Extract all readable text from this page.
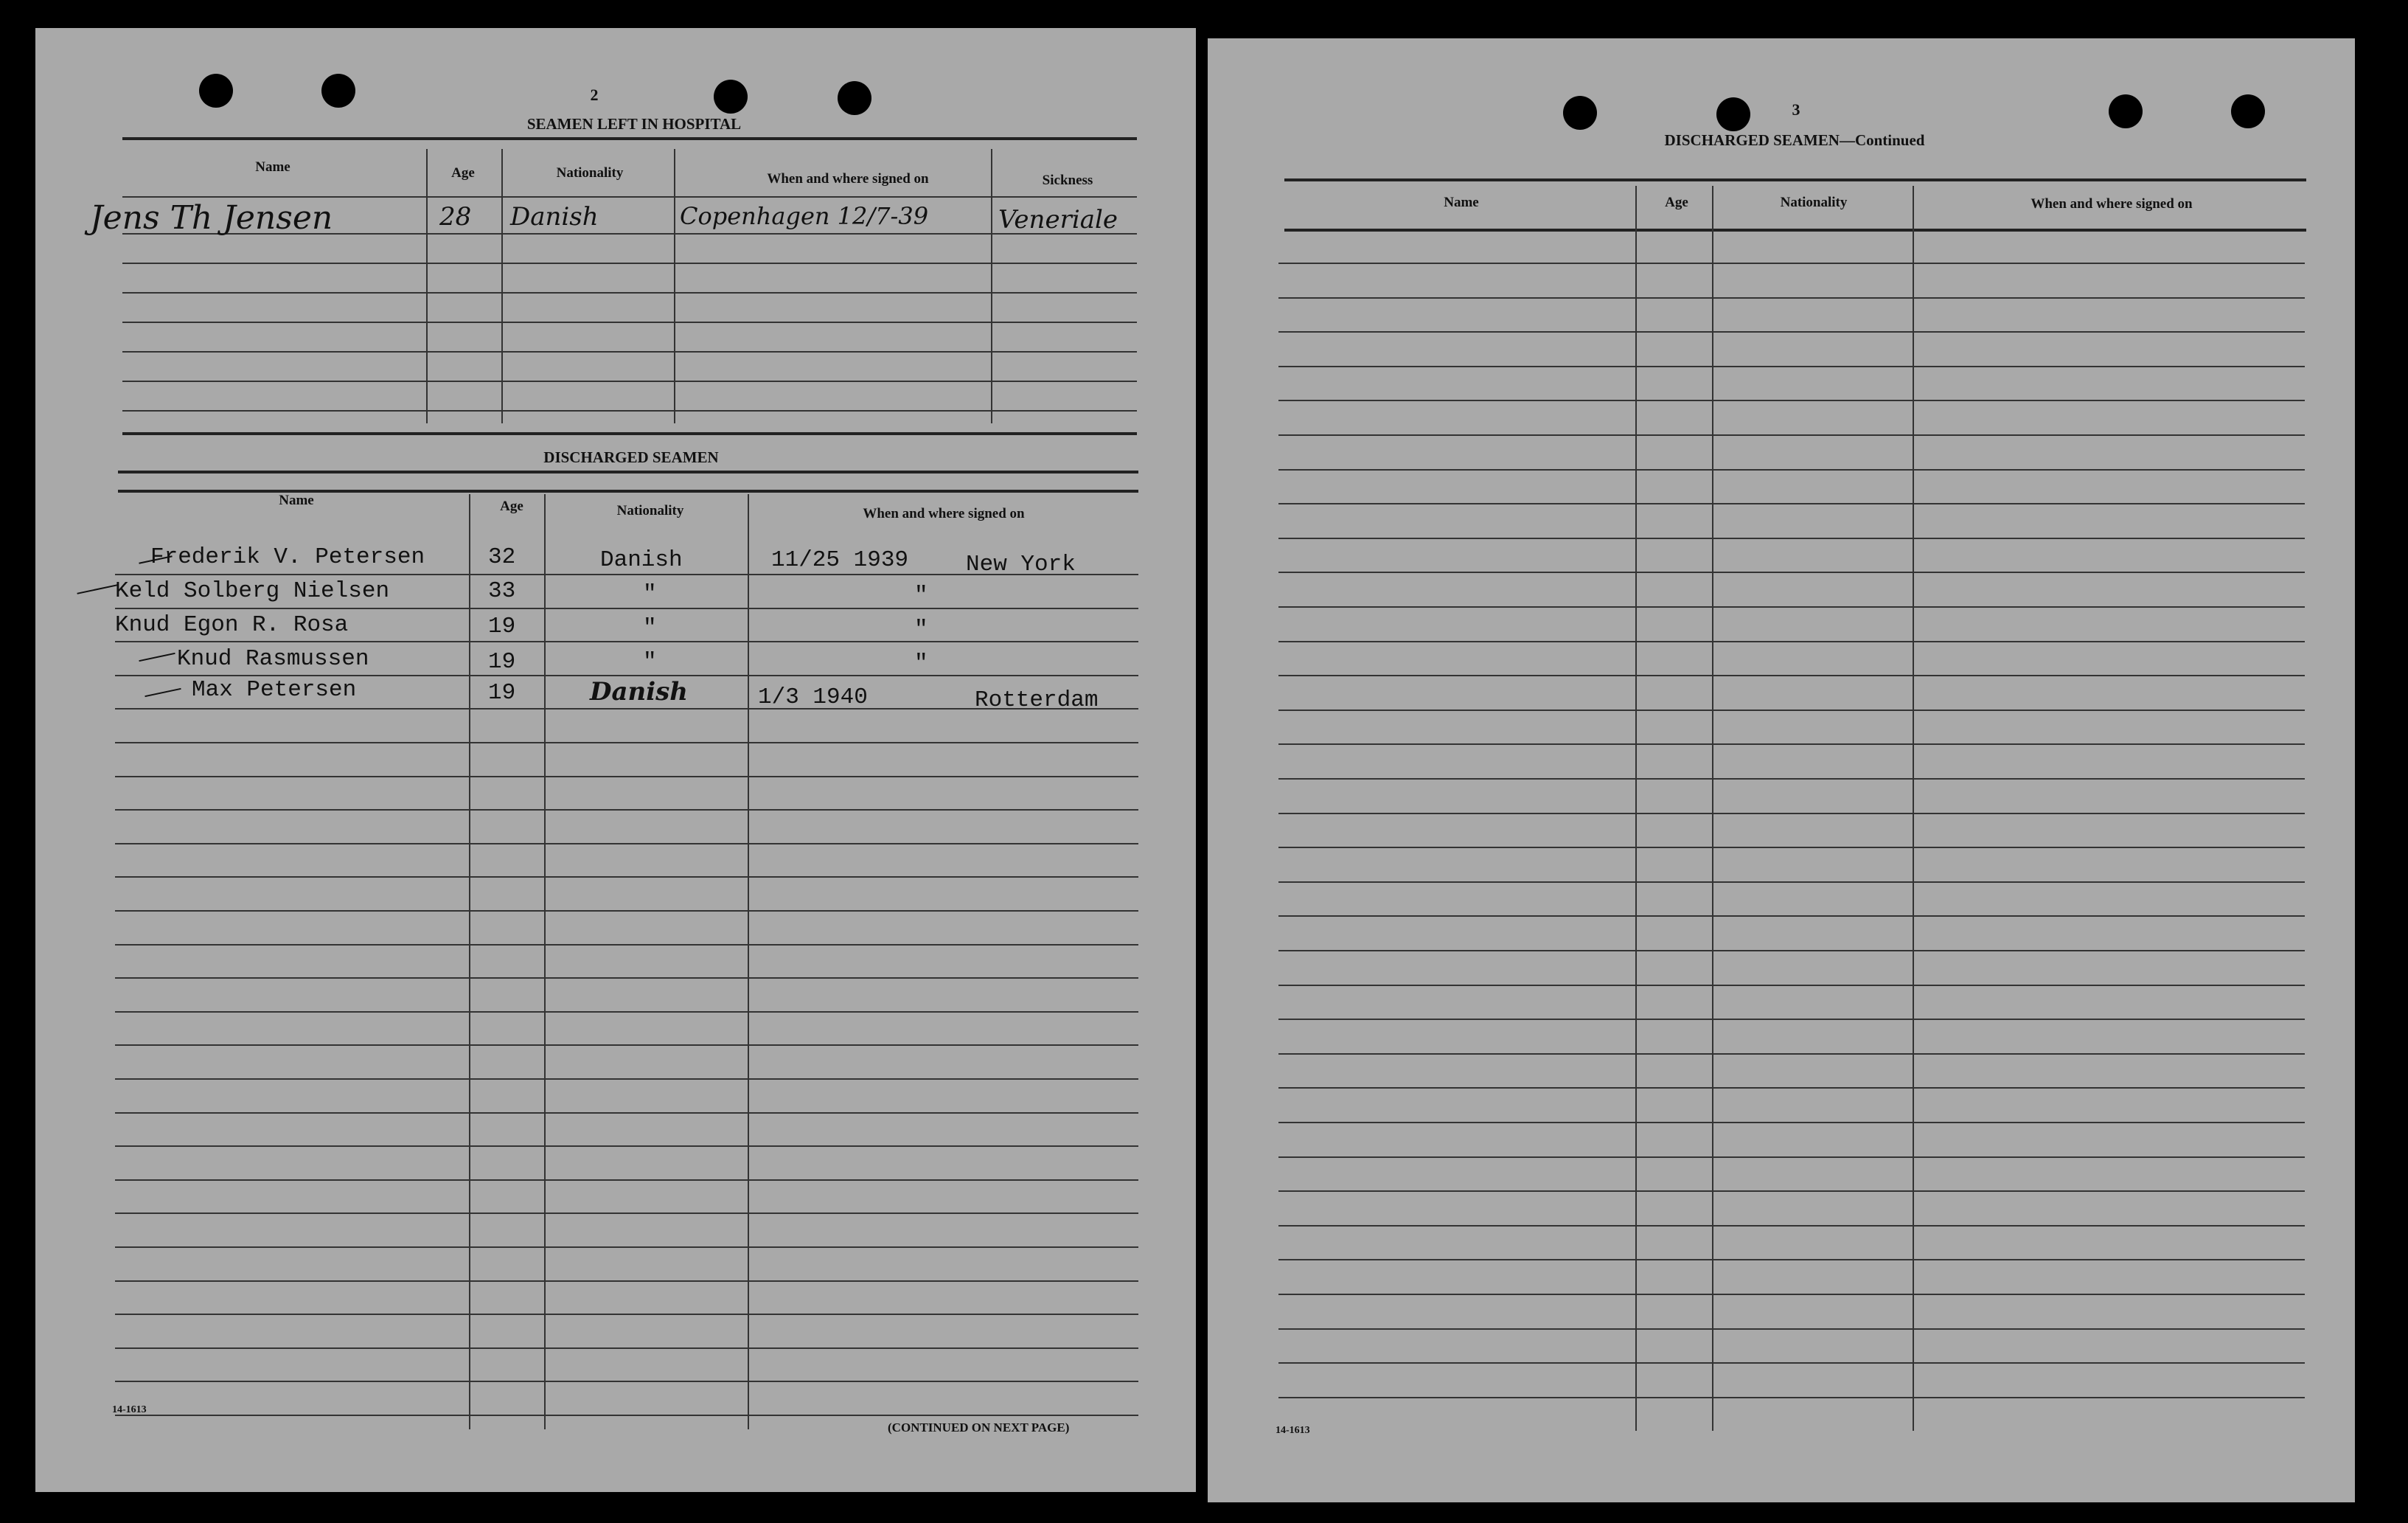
2
SEAMEN LEFT IN HOSPITAL
Name	Age	Nationality	When and where signed on	Sickness
Jens Th Jensen	28 Danish	Copenhagen 12/7-39	Veneriale
DISCHARGED SEAMEN
Name	Age	Nationality	When and where signed on
Frederik V. Petersen	32	Danish	11/25 1939	New York
Keld Solberg Nielsen	33	"	"
Knud Egon R. Rosa	19	"	"
Knud Rasmussen	19	"	"
Max Petersen	19	Danish	1/3 1940	Rotterdam
14-1613
(CONTINUED ON NEXT PAGE)
3
DISCHARGED SEAMEN—Continued
Name	Age	Nationality	When and where signed on
14-1613
